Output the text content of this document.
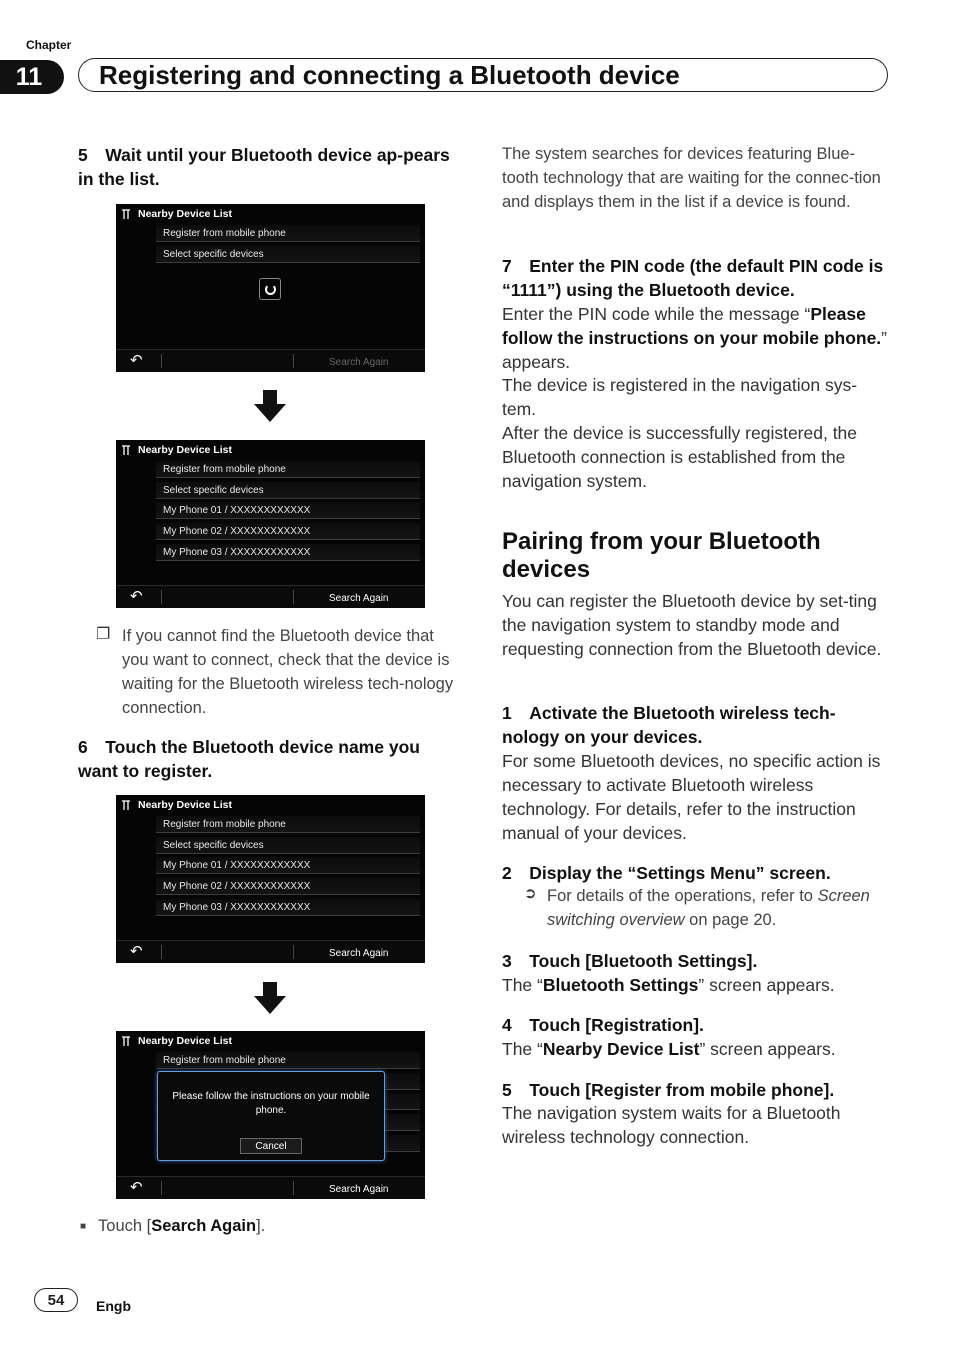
Chapter
11	Registering and connecting a Bluetooth device
5 Wait until your Bluetooth device ap-pears in the list.
Nearby Device List
Register from mobile phone
Select specific devices
↶	Search Again
Nearby Device List
Register from mobile phone
Select specific devices
My Phone 01 / XXXXXXXXXXXX
My Phone 02 / XXXXXXXXXXXX
My Phone 03 / XXXXXXXXXXXX
↶	Search Again
❐ If you cannot find the Bluetooth device that you want to connect, check that the device is waiting for the Bluetooth wireless tech-nology connection.
6 Touch the Bluetooth device name you want to register.
Nearby Device List
Register from mobile phone
Select specific devices
My Phone 01 / XXXXXXXXXXXX
My Phone 02 / XXXXXXXXXXXX
My Phone 03 / XXXXXXXXXXXX
↶	Search Again
Nearby Device List
Register from mobile phone
Please follow the instructions on your mobile phone.
Cancel
↶	Search Again
■ Touch [Search Again].
The system searches for devices featuring Blue-tooth technology that are waiting for the connec-tion and displays them in the list if a device is found.
7 Enter the PIN code (the default PIN code is “1111”) using the Bluetooth device.
Enter the PIN code while the message “Please follow the instructions on your mobile phone.” appears.
The device is registered in the navigation sys-tem.
After the device is successfully registered, the Bluetooth connection is established from the navigation system.
Pairing from your Bluetooth devices
You can register the Bluetooth device by set-ting the navigation system to standby mode and requesting connection from the Bluetooth device.
1 Activate the Bluetooth wireless tech-nology on your devices.
For some Bluetooth devices, no specific action is necessary to activate Bluetooth wireless technology. For details, refer to the instruction manual of your devices.
2 Display the “Settings Menu” screen.
➲ For details of the operations, refer to Screen switching overview on page 20.
3 Touch [Bluetooth Settings].
The “Bluetooth Settings” screen appears.
4 Touch [Registration].
The “Nearby Device List” screen appears.
5 Touch [Register from mobile phone].
The navigation system waits for a Bluetooth wireless technology connection.
54	Engb
